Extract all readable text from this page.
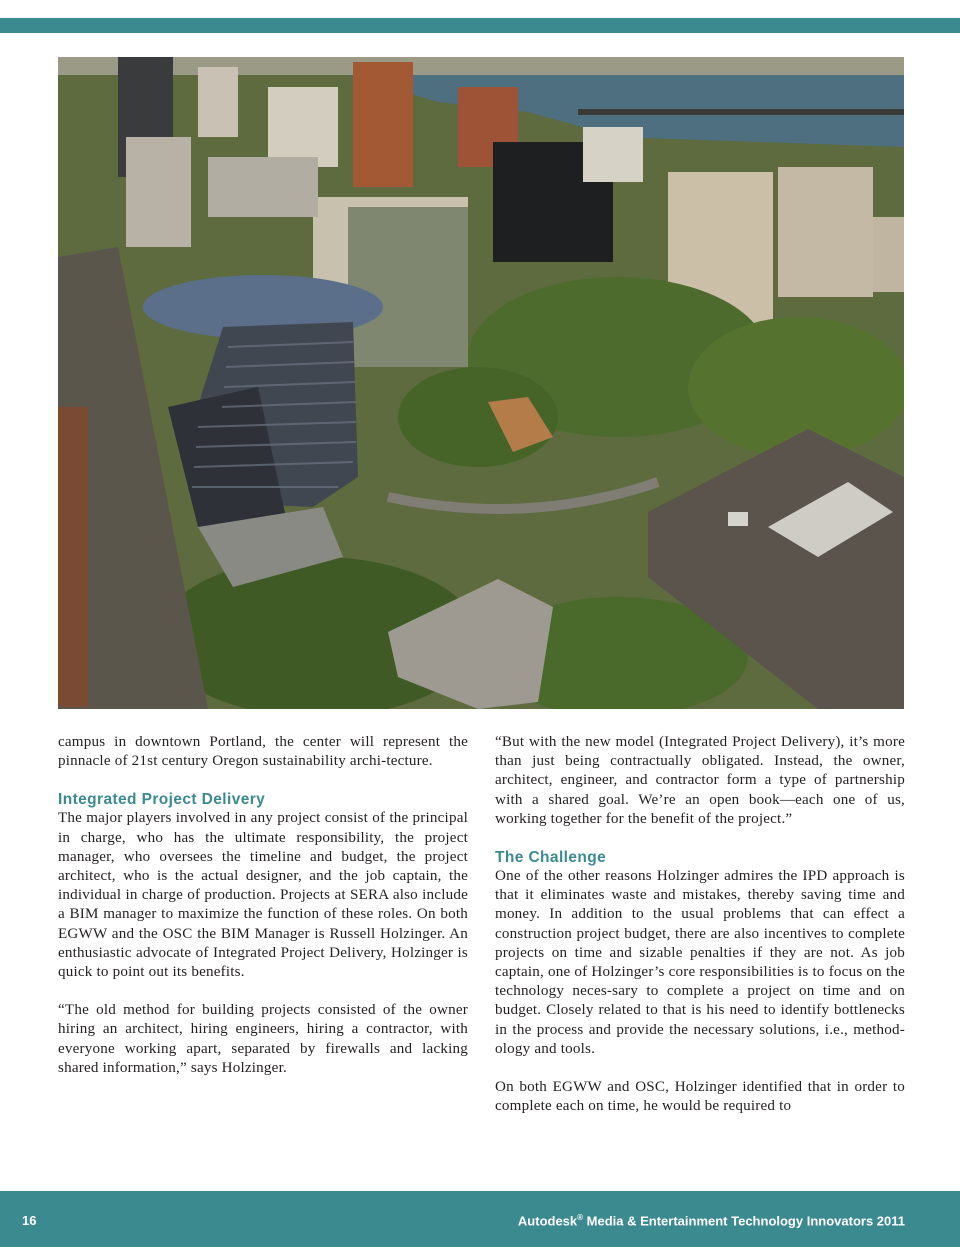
campus in downtown Portland, the center will represent the pinnacle of 21st century Oregon sustainability archi-tecture.

Integrated Project Delivery

The major players involved in any project consist of the principal in charge, who has the ultimate responsibility, the project manager, who oversees the timeline and budget, the project architect, who is the actual designer, and the job captain, the individual in charge of production. Projects at SERA also include a BIM manager to maximize the function of these roles. On both EGWW and the OSC the BIM Manager is Russell Holzinger. An enthusiastic advocate of Integrated Project Delivery, Holzinger is quick to point out its benefits.

“The old method for building projects consisted of the owner hiring an architect, hiring engineers, hiring a contractor, with everyone working apart, separated by firewalls and lacking shared information,” says Holzinger.

“But with the new model (Integrated Project Delivery), it’s more than just being contractually obligated. Instead, the owner, architect, engineer, and contractor form a type of partnership with a shared goal. We’re an open book—each one of us, working together for the benefit of the project.”

The Challenge

One of the other reasons Holzinger admires the IPD approach is that it eliminates waste and mistakes, thereby saving time and money. In addition to the usual problems that can effect a construction project budget, there are also incentives to complete projects on time and sizable penalties if they are not. As job captain, one of Holzinger’s core responsibilities is to focus on the technology neces-sary to complete a project on time and on budget. Closely related to that is his need to identify bottlenecks in the process and provide the necessary solutions, i.e., method-ology and tools.

On both EGWW and OSC, Holzinger identified that in order to complete each on time, he would be required to

16	Autodesk® Media & Entertainment Technology Innovators 2011
